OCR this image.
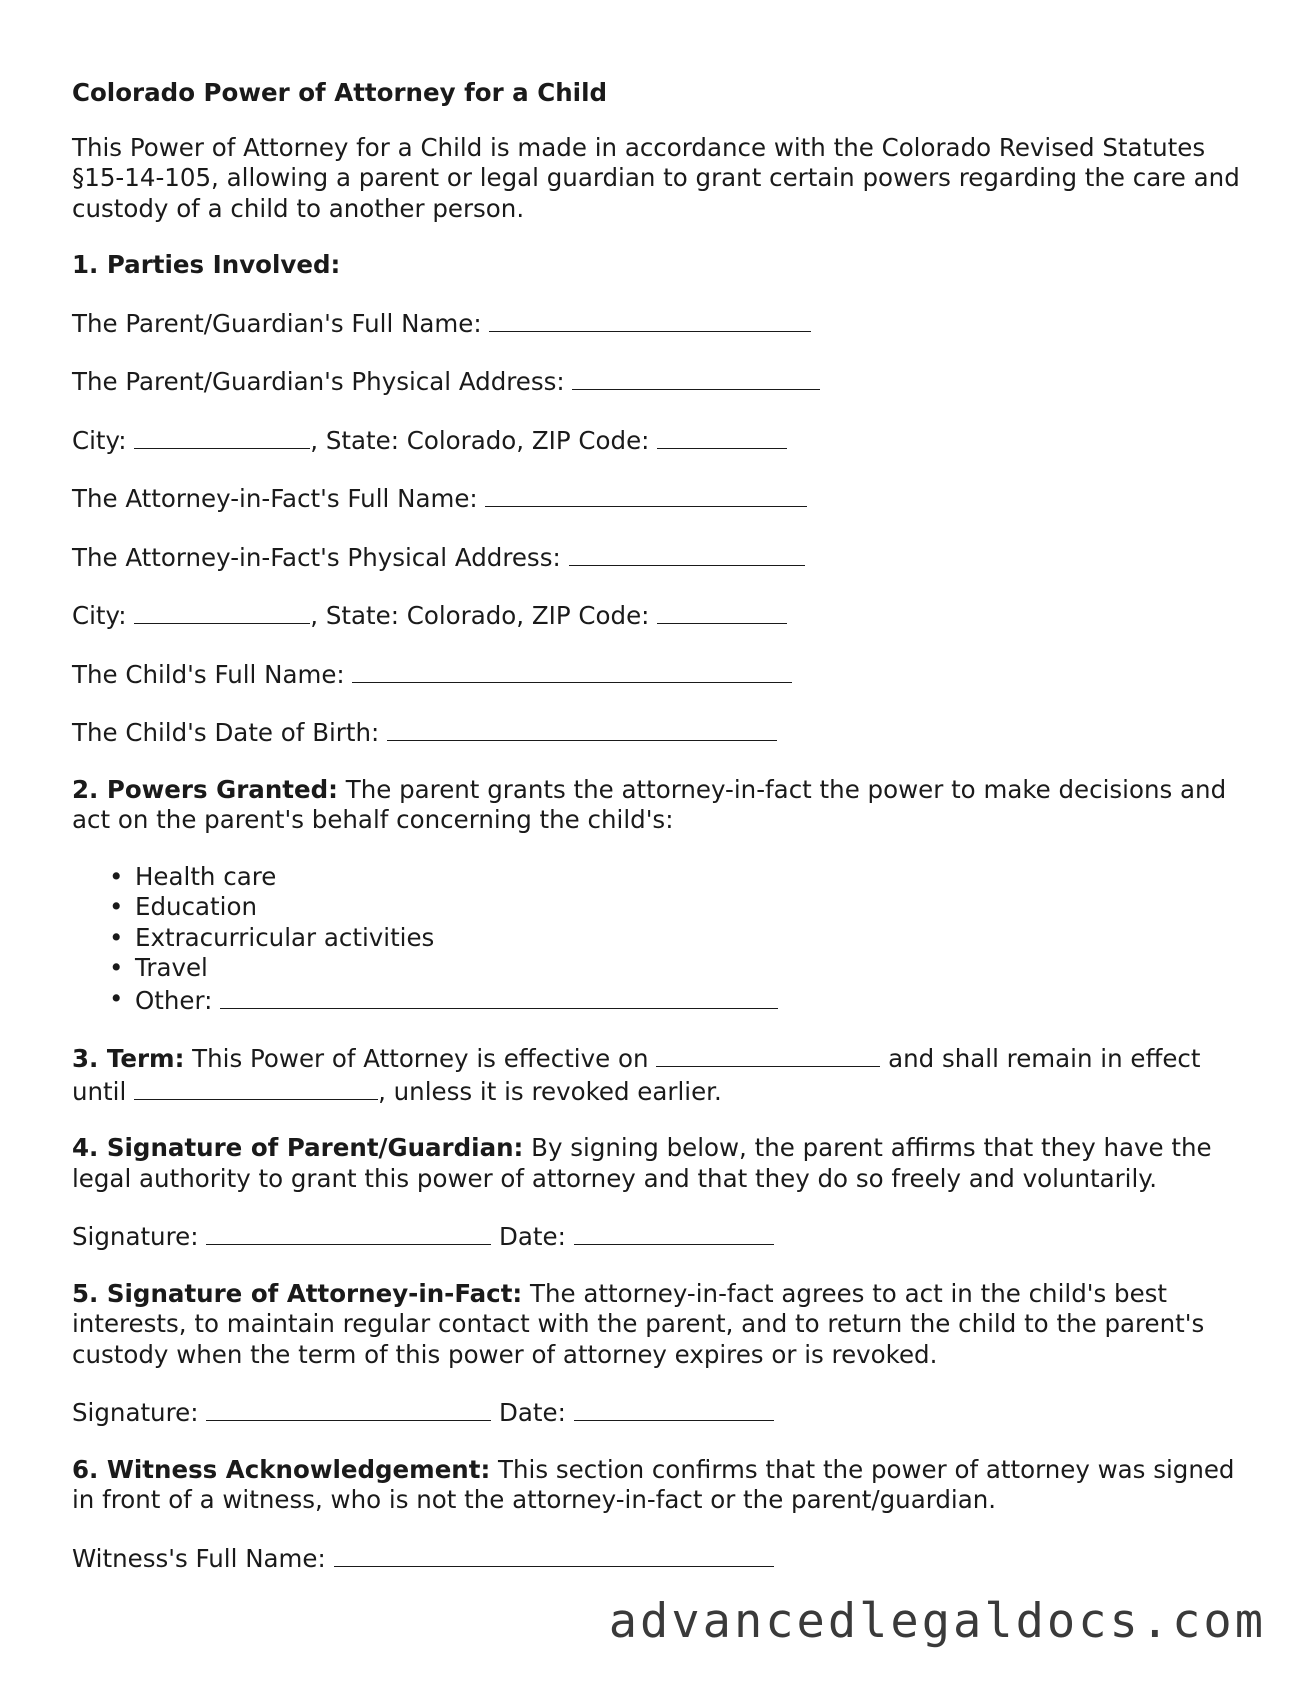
Colorado Power of Attorney for a Child

This Power of Attorney for a Child is made in accordance with the Colorado Revised Statutes §15-14-105, allowing a parent or legal guardian to grant certain powers regarding the care and custody of a child to another person.

1. Parties Involved:

The Parent/Guardian's Full Name:
The Parent/Guardian's Physical Address:
City:	, State: Colorado, ZIP Code:
The Attorney-in-Fact's Full Name:
The Attorney-in-Fact's Physical Address:
City:	, State: Colorado, ZIP Code:
The Child's Full Name:
The Child's Date of Birth:

2. Powers Granted: The parent grants the attorney-in-fact the power to make decisions and act on the parent's behalf concerning the child's:

• Health care
• Education
• Extracurricular activities
• Travel
• Other:

3. Term: This Power of Attorney is effective on	and shall remain in effect until	, unless it is revoked earlier.

4. Signature of Parent/Guardian: By signing below, the parent affirms that they have the legal authority to grant this power of attorney and that they do so freely and voluntarily.

Signature:	Date:

5. Signature of Attorney-in-Fact: The attorney-in-fact agrees to act in the child's best interests, to maintain regular contact with the parent, and to return the child to the parent's custody when the term of this power of attorney expires or is revoked.

Signature:	Date:

6. Witness Acknowledgement: This section confirms that the power of attorney was signed in front of a witness, who is not the attorney-in-fact or the parent/guardian.

Witness's Full Name:
advancedlegaldocs.com
